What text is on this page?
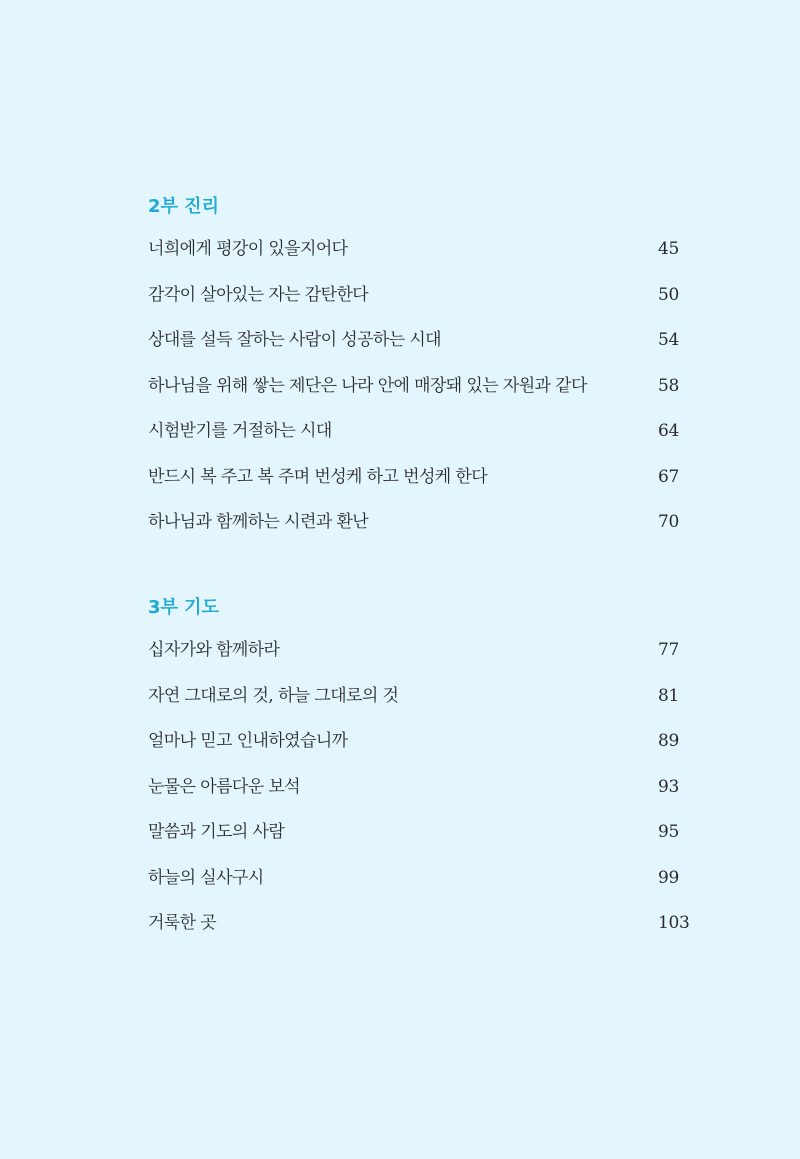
2부 진리
너희에게 평강이 있을지어다	45
감각이 살아있는 자는 감탄한다	50
상대를 설득 잘하는 사람이 성공하는 시대	54
하나님을 위해 쌓는 제단은 나라 안에 매장돼 있는 자원과 같다	58
시험받기를 거절하는 시대	64
반드시 복 주고 복 주며 번성케 하고 번성케 한다	67
하나님과 함께하는 시련과 환난	70
3부 기도
십자가와 함께하라	77
자연 그대로의 것, 하늘 그대로의 것	81
얼마나 믿고 인내하였습니까	89
눈물은 아름다운 보석	93
말씀과 기도의 사람	95
하늘의 실사구시	99
거룩한 곳	103
